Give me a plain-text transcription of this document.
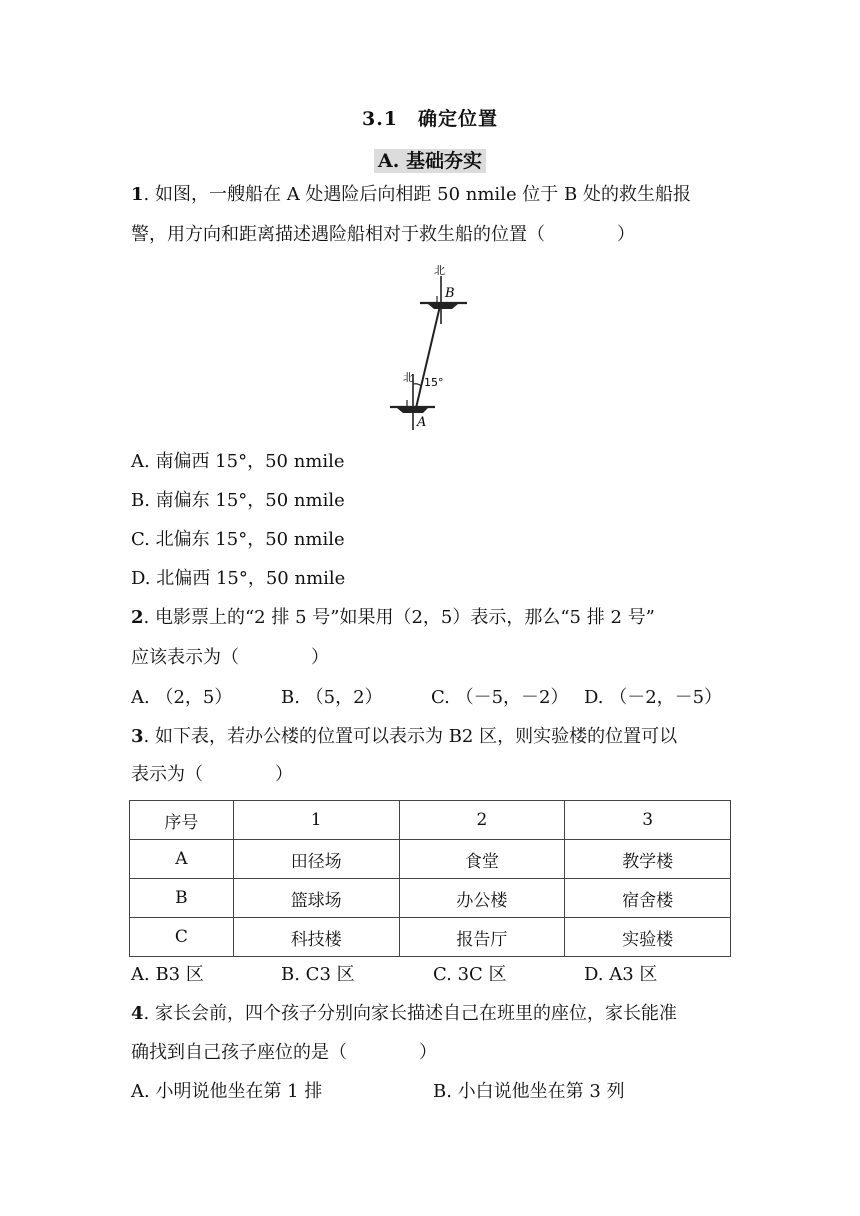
3.1　确定位置
A. 基础夯实
1. 如图，一艘船在 A 处遇险后向相距 50 nmile 位于 B 处的救生船报
警，用方向和距离描述遇险船相对于救生船的位置（　　　　）
北
B
北 15°
A
A. 南偏西 15°，50 nmile
B. 南偏东 15°，50 nmile
C. 北偏东 15°，50 nmile
D. 北偏西 15°，50 nmile
2. 电影票上的“2 排 5 号”如果用（2，5）表示，那么“5 排 2 号”
应该表示为（　　　　）
A. （2，5）	B. （5，2）	C. （－5，－2） D. （－2，－5）
3. 如下表，若办公楼的位置可以表示为 B2 区，则实验楼的位置可以
表示为（　　　　）
序号	1	2	3
A	田径场	食堂	教学楼
B	篮球场	办公楼	宿舍楼
C	科技楼	报告厅	实验楼
A. B3 区	B. C3 区	C. 3C 区	D. A3 区
4. 家长会前，四个孩子分别向家长描述自己在班里的座位，家长能准
确找到自己孩子座位的是（　　　　）
A. 小明说他坐在第 1 排	B. 小白说他坐在第 3 列
